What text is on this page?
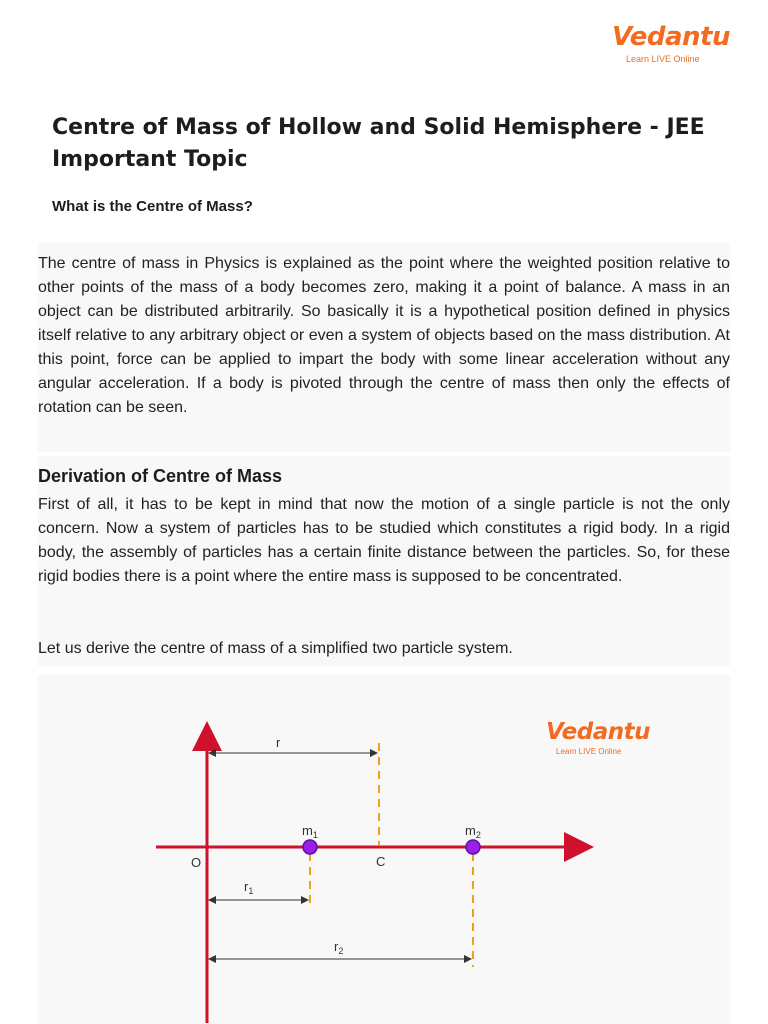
Vedantu
Learn LIVE Online
Centre of Mass of Hollow and Solid Hemisphere - JEE Important Topic
What is the Centre of Mass?

The centre of mass in Physics is explained as the point where the weighted position relative to other points of the mass of a body becomes zero, making it a point of balance. A mass in an object can be distributed arbitrarily. So basically it is a hypothetical position defined in physics itself relative to any arbitrary object or even a system of objects based on the mass distribution. At this point, force can be applied to impart the body with some linear acceleration without any angular acceleration. If a body is pivoted through the centre of mass then only the effects of rotation can be seen.

Derivation of Centre of Mass

First of all, it has to be kept in mind that now the motion of a single particle is not the only concern. Now a system of particles has to be studied which constitutes a rigid body. In a rigid body, the assembly of particles has a certain finite distance between the particles. So, for these rigid bodies there is a point where the entire mass is supposed to be concentrated.

Let us derive the centre of mass of a simplified two particle system.

r
$m_1$	$m_2$
O	C
$r_1$
$r_2$
Vedantu
Learn LIVE Online
